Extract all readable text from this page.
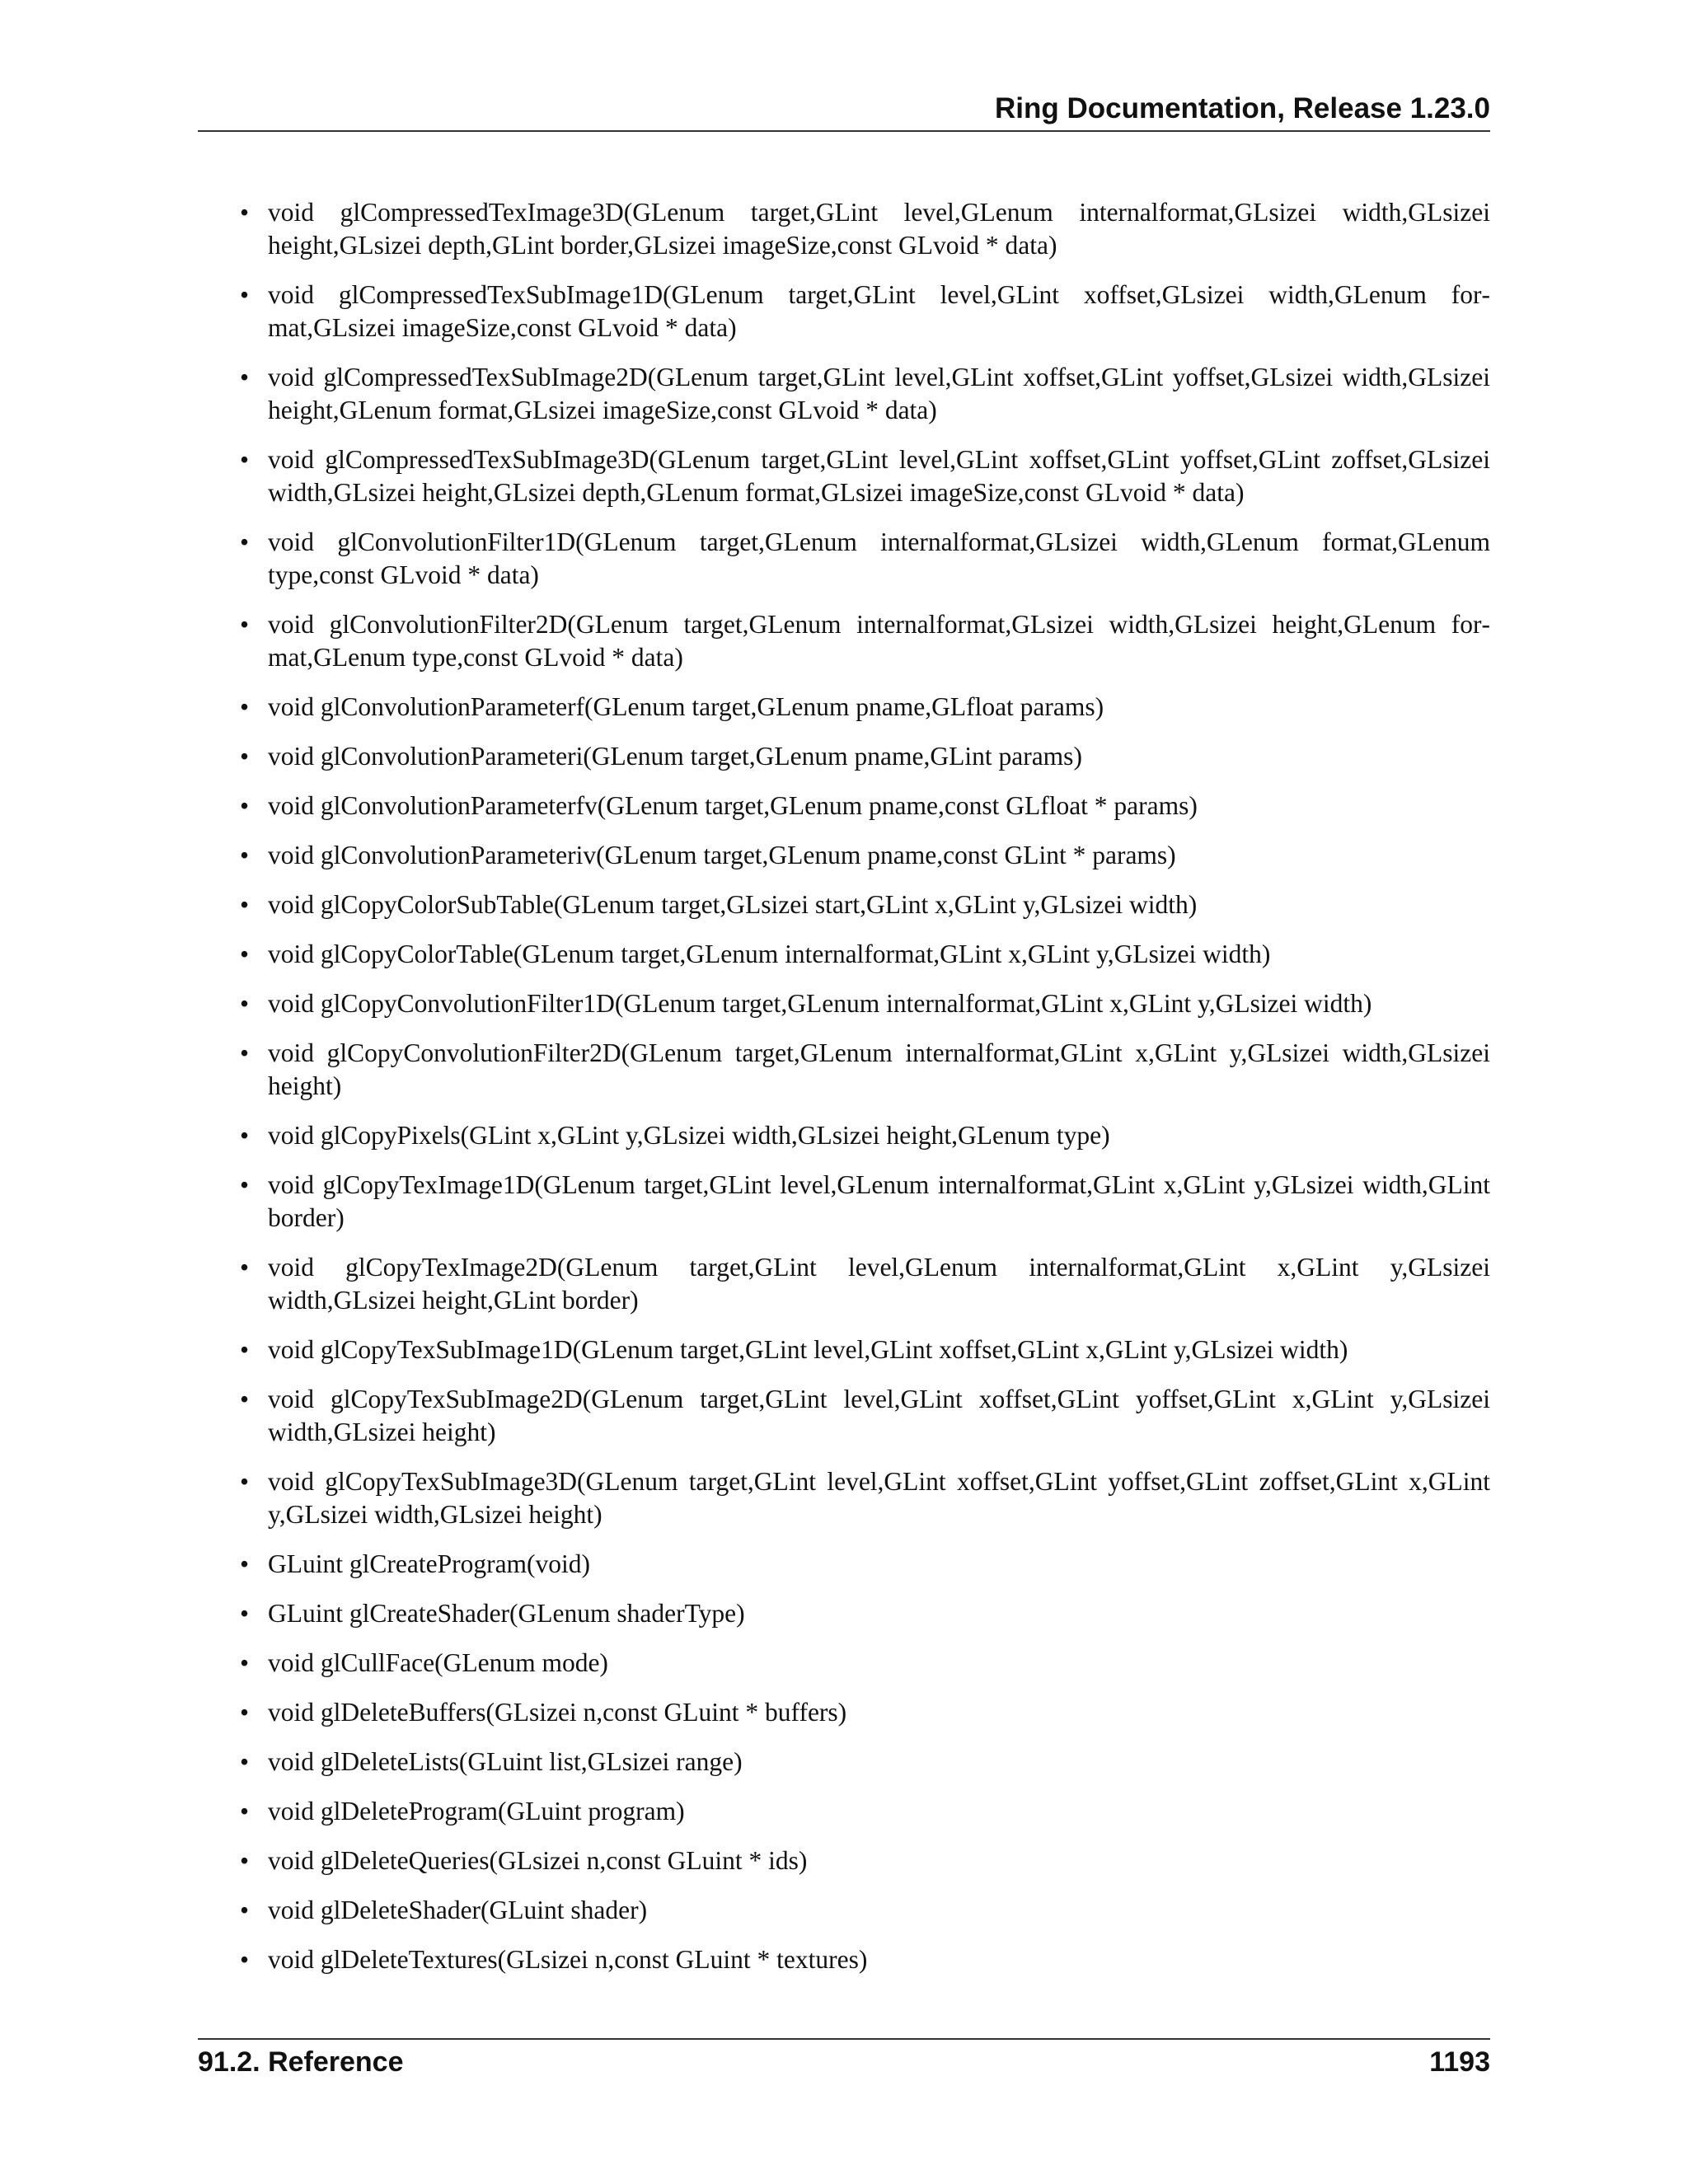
Ring Documentation, Release 1.23.0
• void glCompressedTexImage3D(GLenum target,GLint level,GLenum internalformat,GLsizei width,GLsizei height,GLsizei depth,GLint border,GLsizei imageSize,const GLvoid * data)
• void glCompressedTexSubImage1D(GLenum target,GLint level,GLint xoffset,GLsizei width,GLenum format,GLsizei imageSize,const GLvoid * data)
• void glCompressedTexSubImage2D(GLenum target,GLint level,GLint xoffset,GLint yoffset,GLsizei width,GLsizei height,GLenum format,GLsizei imageSize,const GLvoid * data)
• void glCompressedTexSubImage3D(GLenum target,GLint level,GLint xoffset,GLint yoffset,GLint zoffset,GLsizei width,GLsizei height,GLsizei depth,GLenum format,GLsizei imageSize,const GLvoid * data)
• void glConvolutionFilter1D(GLenum target,GLenum internalformat,GLsizei width,GLenum format,GLenum type,const GLvoid * data)
• void glConvolutionFilter2D(GLenum target,GLenum internalformat,GLsizei width,GLsizei height,GLenum format,GLenum type,const GLvoid * data)
• void glConvolutionParameterf(GLenum target,GLenum pname,GLfloat params)
• void glConvolutionParameteri(GLenum target,GLenum pname,GLint params)
• void glConvolutionParameterfv(GLenum target,GLenum pname,const GLfloat * params)
• void glConvolutionParameteriv(GLenum target,GLenum pname,const GLint * params)
• void glCopyColorSubTable(GLenum target,GLsizei start,GLint x,GLint y,GLsizei width)
• void glCopyColorTable(GLenum target,GLenum internalformat,GLint x,GLint y,GLsizei width)
• void glCopyConvolutionFilter1D(GLenum target,GLenum internalformat,GLint x,GLint y,GLsizei width)
• void glCopyConvolutionFilter2D(GLenum target,GLenum internalformat,GLint x,GLint y,GLsizei width,GLsizei height)
• void glCopyPixels(GLint x,GLint y,GLsizei width,GLsizei height,GLenum type)
• void glCopyTexImage1D(GLenum target,GLint level,GLenum internalformat,GLint x,GLint y,GLsizei width,GLint border)
• void glCopyTexImage2D(GLenum target,GLint level,GLenum internalformat,GLint x,GLint y,GLsizei width,GLsizei height,GLint border)
• void glCopyTexSubImage1D(GLenum target,GLint level,GLint xoffset,GLint x,GLint y,GLsizei width)
• void glCopyTexSubImage2D(GLenum target,GLint level,GLint xoffset,GLint yoffset,GLint x,GLint y,GLsizei width,GLsizei height)
• void glCopyTexSubImage3D(GLenum target,GLint level,GLint xoffset,GLint yoffset,GLint zoffset,GLint x,GLint y,GLsizei width,GLsizei height)
• GLuint glCreateProgram(void)
• GLuint glCreateShader(GLenum shaderType)
• void glCullFace(GLenum mode)
• void glDeleteBuffers(GLsizei n,const GLuint * buffers)
• void glDeleteLists(GLuint list,GLsizei range)
• void glDeleteProgram(GLuint program)
• void glDeleteQueries(GLsizei n,const GLuint * ids)
• void glDeleteShader(GLuint shader)
• void glDeleteTextures(GLsizei n,const GLuint * textures)
91.2. Reference	1193
